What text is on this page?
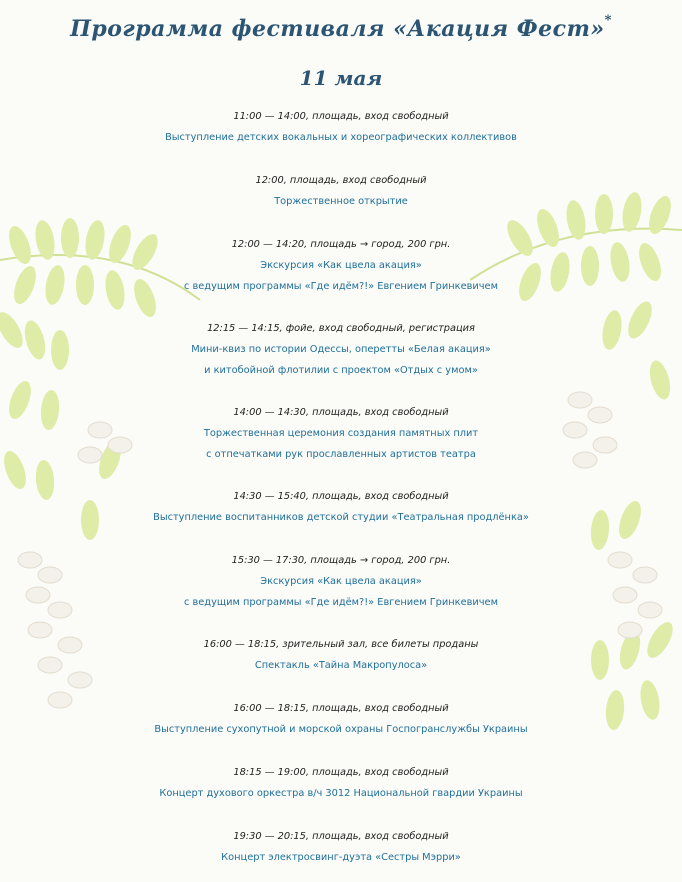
Программа фестиваля «Акация Фест»*
11 мая

11:00 — 14:00, площадь, вход свободный

Выступление детских вокальных и хореографических коллективов

12:00, площадь, вход свободный

Торжественное открытие

12:00 — 14:20, площадь → город, 200 грн.

Экскурсия «Как цвела акация»

с ведущим программы «Где идём?!» Евгением Гринкевичем

12:15 — 14:15, фойе, вход свободный, регистрация

Мини-квиз по истории Одессы, оперетты «Белая акация»

и китобойной флотилии с проектом «Отдых с умом»

14:00 — 14:30, площадь, вход свободный

Торжественная церемония создания памятных плит

с отпечатками рук прославленных артистов театра

14:30 — 15:40, площадь, вход свободный

Выступление воспитанников детской студии «Театральная продлёнка»

15:30 — 17:30, площадь → город, 200 грн.

Экскурсия «Как цвела акация»

с ведущим программы «Где идём?!» Евгением Гринкевичем

16:00 — 18:15, зрительный зал, все билеты проданы

Спектакль «Тайна Макропулоса»

16:00 — 18:15, площадь, вход свободный

Выступление сухопутной и морской охраны Госпогранслужбы Украины

18:15 — 19:00, площадь, вход свободный

Концерт духового оркестра в/ч 3012 Национальной гвардии Украины

19:30 — 20:15, площадь, вход свободный

Концерт электросвинг-дуэта «Сестры Мэрри»
